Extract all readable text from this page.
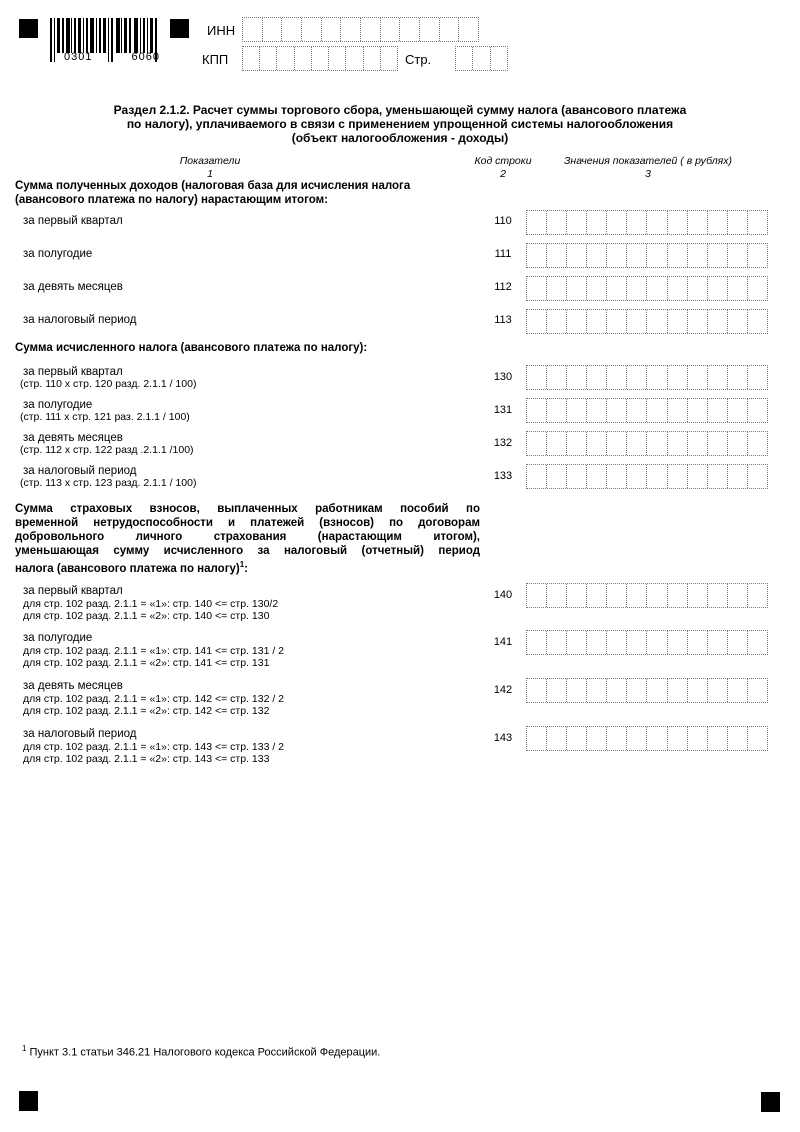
0301	6060
ИНН
КПП	Стр.
Раздел 2.1.2. Расчет суммы торгового сбора, уменьшающей сумму налога (авансового платежа
по налогу), уплачиваемого в связи с применением упрощенной системы налогообложения
(объект налогообложения - доходы)
Показатели
1
Код строки
2
Значения показателей ( в рублях)
3
Сумма полученных доходов (налоговая база для исчисления налога
(авансового платежа по налогу) нарастающим итогом:
за первый квартал	110
за полугодие	111
за девять месяцев	112
за налоговый период	113
Сумма исчисленного налога (авансового платежа по налогу):
за первый квартал
(стр. 110 х стр. 120 разд. 2.1.1 / 100)
130
за полугодие
(стр. 111 х стр. 121 раз. 2.1.1 / 100)
131
за девять месяцев
(стр. 112 х стр. 122 разд .2.1.1 /100)
132
за налоговый период
(стр. 113 х стр. 123 разд. 2.1.1 / 100)
133
Сумма страховых взносов, выплаченных работникам пособий по
временной нетрудоспособности и платежей (взносов) по договорам
добровольного личного страхования (нарастающим итогом),
уменьшающая сумму исчисленного за налоговый (отчетный) период
налога (авансового платежа по налогу)$^1$:
за первый квартал
для стр. 102 разд. 2.1.1 = «1»: стр. 140 <= стр. 130/2
для стр. 102 разд. 2.1.1 = «2»: стр. 140 <= стр. 130
140
за полугодие
для стр. 102 разд. 2.1.1 = «1»: стр. 141 <= стр. 131 / 2
для стр. 102 разд. 2.1.1 = «2»: стр. 141 <= стр. 131
141
за девять месяцев
для стр. 102 разд. 2.1.1 = «1»: стр. 142 <= стр. 132 / 2
для стр. 102 разд. 2.1.1 = «2»: стр. 142 <= стр. 132
142
за налоговый период
для стр. 102 разд. 2.1.1 = «1»: стр. 143 <= стр. 133 / 2
для стр. 102 разд. 2.1.1 = «2»: стр. 143 <= стр. 133
143
$^1$ Пункт 3.1 статьи 346.21 Налогового кодекса Российской Федерации.
